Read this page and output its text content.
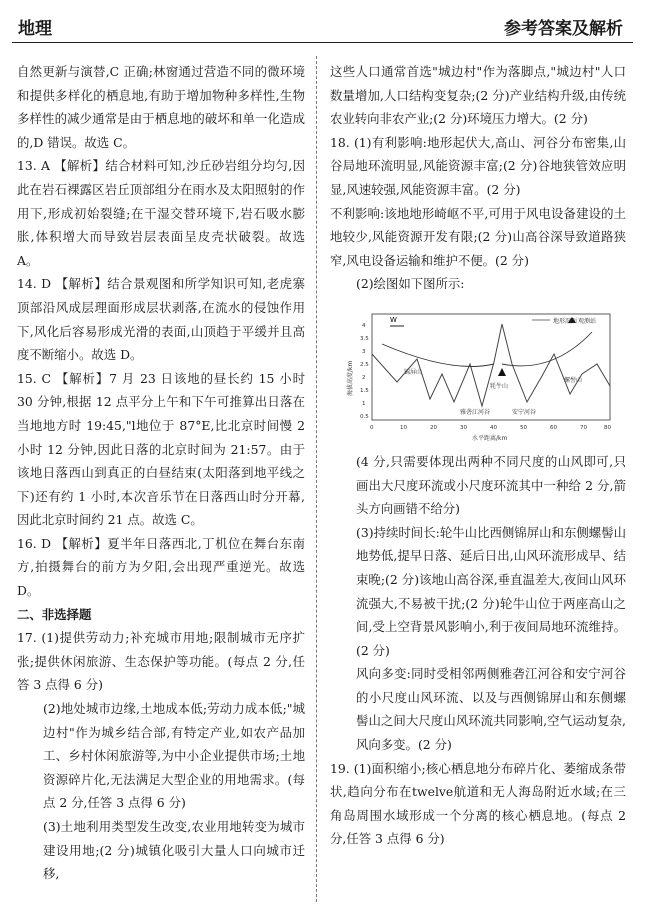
地理	参考答案及解析

自然更新与演替,C 正确;林窗通过营造不同的微环境和提供多样化的栖息地,有助于增加物种多样性,生物多样性的减少通常是由于栖息地的破坏和单一化造成的,D 错误。故选 C。

13. A 【解析】结合材料可知,沙丘砂岩组分均匀,因此在岩石裸露区岩丘顶部组分在雨水及太阳照射的作用下,形成初始裂缝;在干湿交替环境下,岩石吸水膨胀,体积增大而导致岩层表面呈皮壳状破裂。故选 A。

14. D 【解析】结合景观图和所学知识可知,老虎寨顶部沿风成层理面形成层状剥落,在流水的侵蚀作用下,风化后容易形成光滑的表面,山顶趋于平缓并且高度不断缩小。故选 D。

15. C 【解析】7 月 23 日该地的昼长约 15 小时 30 分钟,根据 12 点平分上午和下午可推算出日落在当地地方时 19:45,"l地位于 87°E,比北京时间慢 2 小时 12 分钟,因此日落的北京时间为 21:57。由于该地日落西山到真正的白昼结束(太阳落到地平线之下)还有约 1 小时,本次音乐节在日落西山时分开幕,因此北京时间约 21 点。故选 C。

16. D 【解析】夏半年日落西北,丁机位在舞台东南方,拍摄舞台的前方为夕阳,会出现严重逆光。故选 D。

二、非选择题

17. (1)提供劳动力;补充城市用地;限制城市无序扩张;提供休闲旅游、生态保护等功能。(每点 2 分,任答 3 点得 6 分)

(2)地处城市边缘,土地成本低;劳动力成本低;"城边村"作为城乡结合部,有特定产业,如农产品加工、乡村休闲旅游等,为中小企业提供市场;土地资源碎片化,无法满足大型企业的用地需求。(每点 2 分,任答 3 点得 6 分)

(3)土地利用类型发生改变,农业用地转变为城市建设用地;(2 分)城镇化吸引大量人口向城市迁移,

这些人口通常首选"城边村"作为落脚点,"城边村"人口数量增加,人口结构变复杂;(2 分)产业结构升级,由传统农业转向非农产业;(2 分)环境压力增大。(2 分)

18. (1)有利影响:地形起伏大,高山、河谷分布密集,山谷局地环流明显,风能资源丰富;(2 分)谷地狭管效应明显,风速较强,风能资源丰富。(2 分)

不利影响:该地地形崎岖不平,可用于风电设备建设的土地较少,风能资源开发有限;(2 分)山高谷深导致道路狭窄,风电设备运输和维护不便。(2 分)

(2)绘图如下图所示:

W	地形剖面 观测站
海拔高度/km
水平距离/km
锦屏山
雅砻江河谷	安宁河谷
螺髻山
牦牛山
0	10	20	30	40	50	60	70	80
0.5
1
1.5
2
2.5
3
3.5
4

(4 分,只需要体现出两种不同尺度的山风即可,只画出大尺度环流或小尺度环流其中一种给 2 分,箭头方向画错不给分)

(3)持续时间长:轮牛山比西侧锦屏山和东侧螺髻山地势低,提早日落、延后日出,山风环流形成早、结束晚;(2 分)该地山高谷深,垂直温差大,夜间山风环流强大,不易被干扰;(2 分)轮牛山位于两座高山之间,受上空背景风影响小,利于夜间局地环流维持。(2 分)

风向多变:同时受相邻两侧雅砻江河谷和安宁河谷的小尺度山风环流、以及与西侧锦屏山和东侧螺髻山之间大尺度山风环流共同影响,空气运动复杂,风向多变。(2 分)

19. (1)面积缩小;核心栖息地分布碎片化、萎缩成条带状,趋向分布在twelve航道和无人海岛附近水域;在三角岛周围水域形成一个分离的核心栖息地。(每点 2 分,任答 3 点得 6 分)
